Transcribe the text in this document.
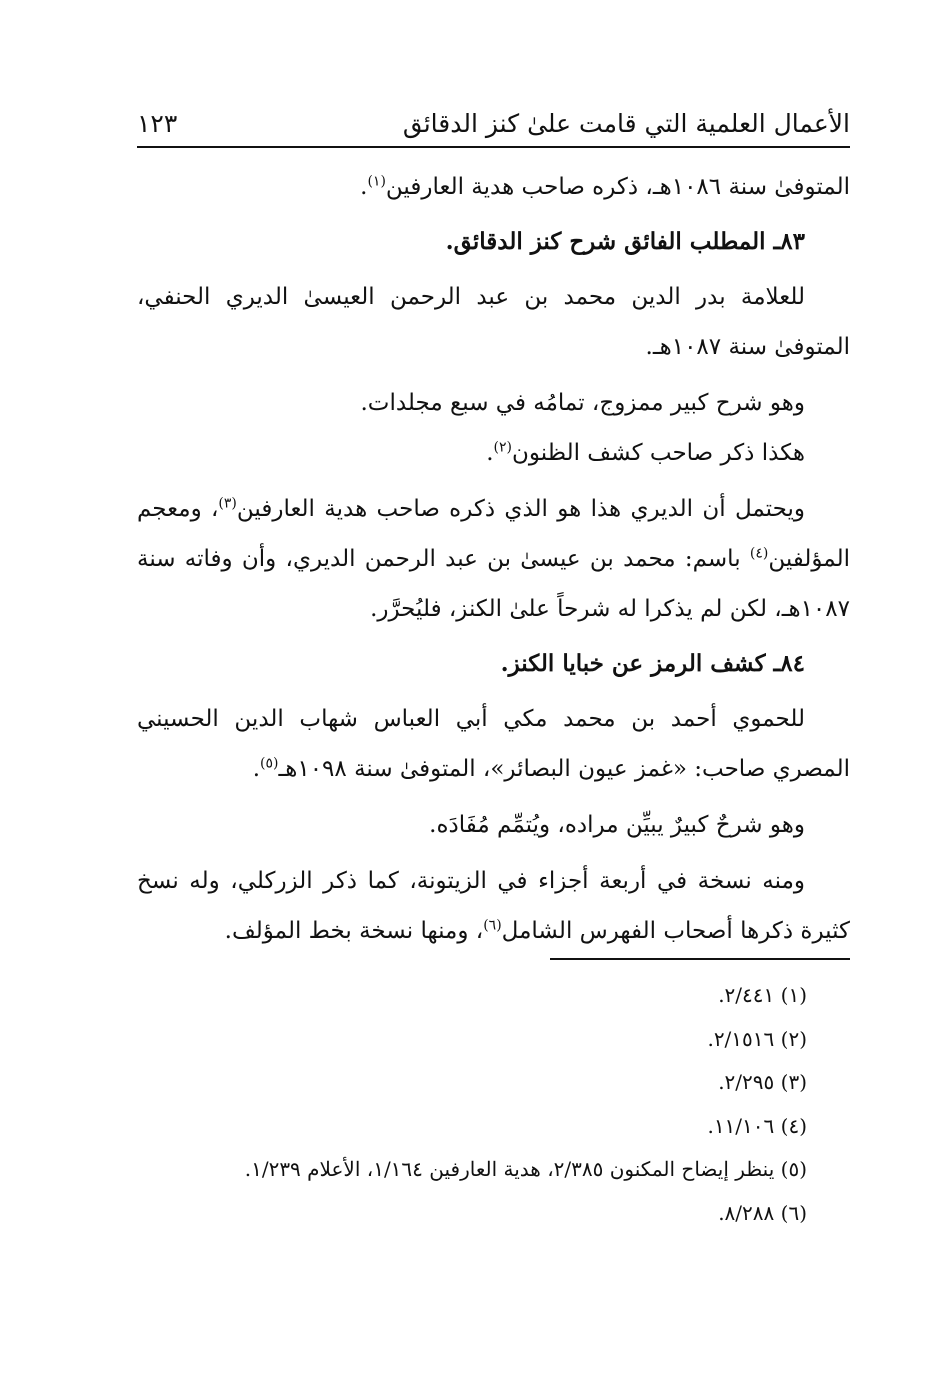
الأعمال العلمية التي قامت علىٰ كنز الدقائق
١٢٣

المتوفىٰ سنة ١٠٨٦هـ، ذكره صاحب هدية العارفين$^{(١)}$.

٨٣ـ المطلب الفائق شرح كنز الدقائق.

للعلامة بدر الدين محمد بن عبد الرحمن العيسىٰ الديري الحنفي، المتوفىٰ سنة ١٠٨٧هـ.

وهو شرح كبير ممزوج، تمامُه في سبع مجلدات.

هكذا ذكر صاحب كشف الظنون$^{(٢)}$.

ويحتمل أن الديري هذا هو الذي ذكره صاحب هدية العارفين$^{(٣)}$، ومعجم المؤلفين$^{(٤)}$ باسم: محمد بن عيسىٰ بن عبد الرحمن الديري، وأن وفاته سنة ١٠٨٧هـ، لكن لم يذكرا له شرحاً علىٰ الكنز، فليُحرَّر.

٨٤ـ كشف الرمز عن خبايا الكنز.

للحموي أحمد بن محمد مكي أبي العباس شهاب الدين الحسيني المصري صاحب: «غمز عيون البصائر»، المتوفىٰ سنة ١٠٩٨هـ$^{(٥)}$.

وهو شرحٌ كبيرٌ يبيِّن مراده، ويُتمِّم مُفَادَه.

ومنه نسخة في أربعة أجزاء في الزيتونة، كما ذكر الزركلي، وله نسخ كثيرة ذكرها أصحاب الفهرس الشامل$^{(٦)}$، ومنها نسخة بخط المؤلف.

(١) ٢/٤٤١.

(٢) ٢/١٥١٦.

(٣) ٢/٢٩٥.

(٤) ١١/١٠٦.

(٥) ينظر إيضاح المكنون ٢/٣٨٥، هدية العارفين ١/١٦٤، الأعلام ١/٢٣٩.

(٦) ٨/٢٨٨.
